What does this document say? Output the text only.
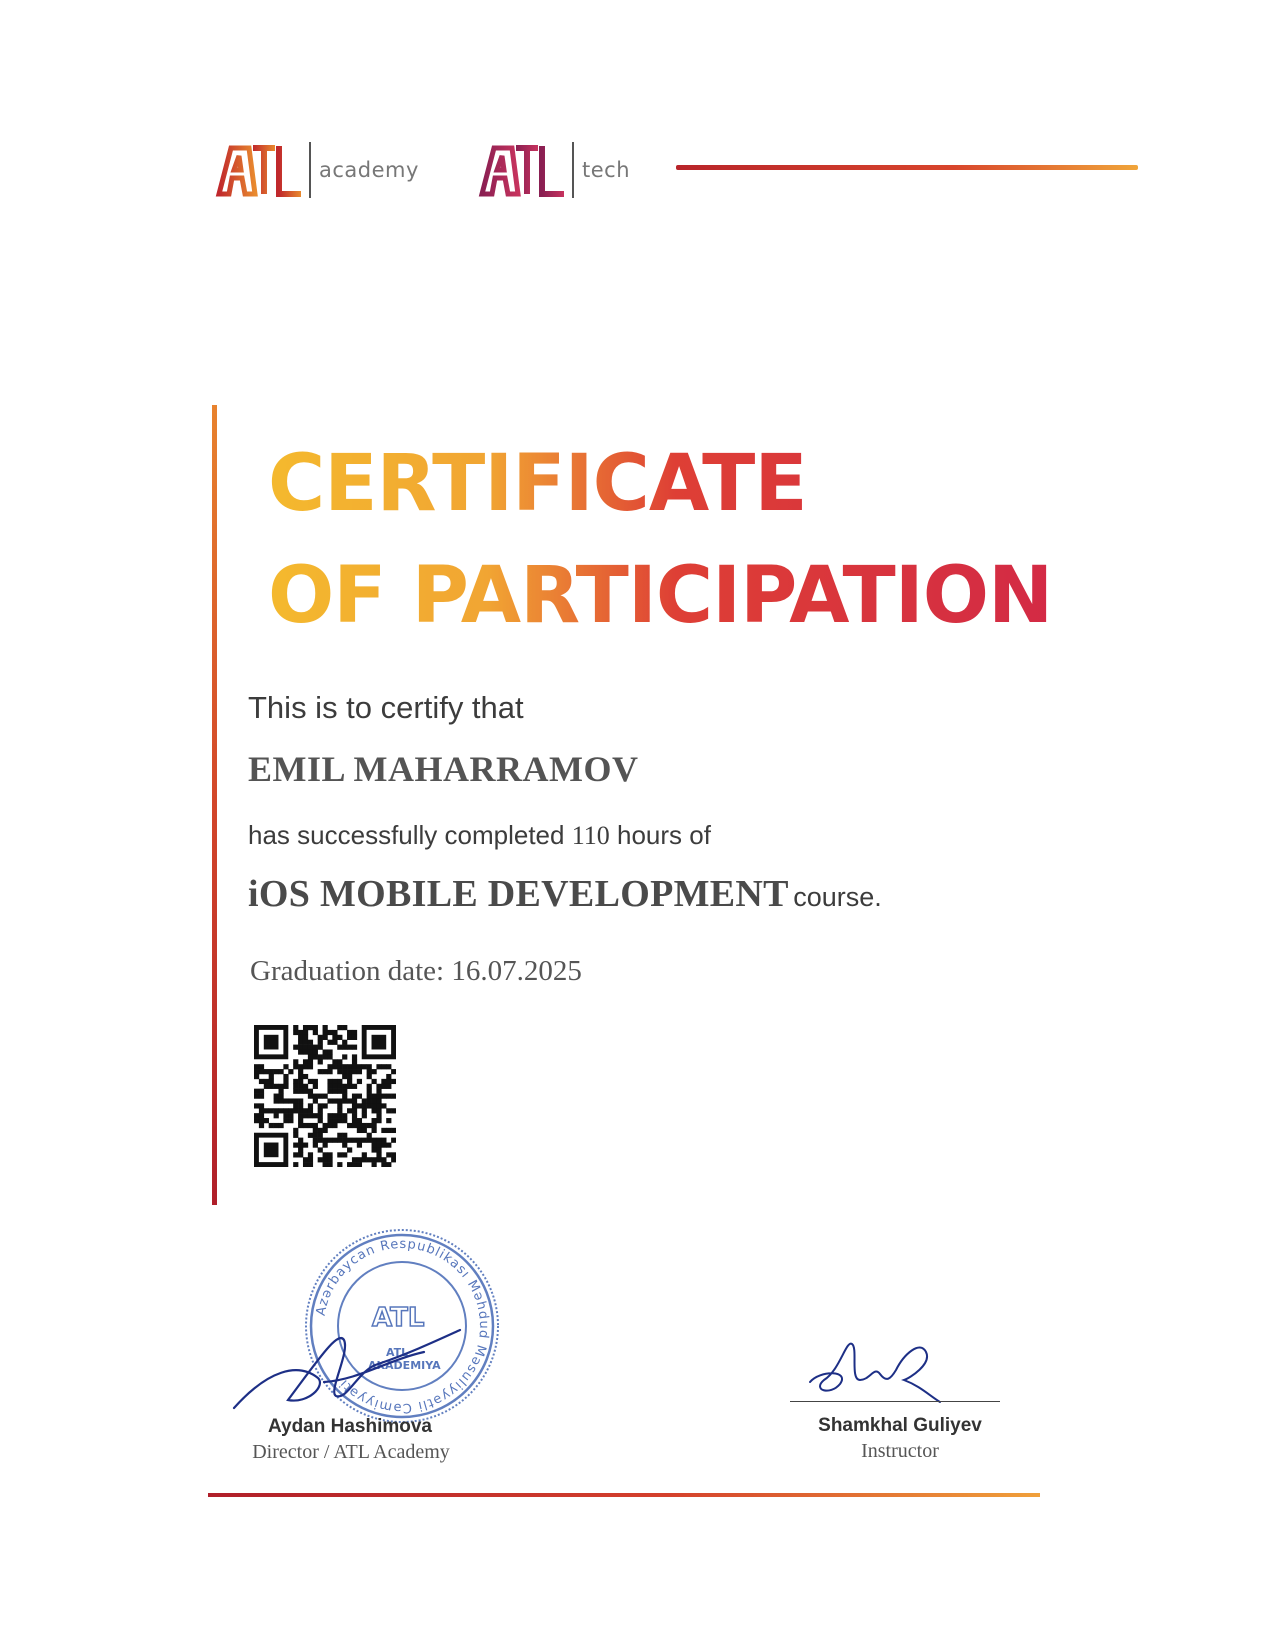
academy	tech
CERTIFICATE
OF PARTICIPATION
This is to certify that
EMIL MAHARRAMOV
has successfully completed 110 hours of
iOS MOBILE DEVELOPMENT course.
Graduation date: 16.07.2025
Azərbaycan Respublikası Məhdud Məsuliyyətli Cəmiyyəti
ATL
ATL
AKADEMIYA
Aydan Hashimova
Director / ATL Academy
Shamkhal Guliyev
Instructor
